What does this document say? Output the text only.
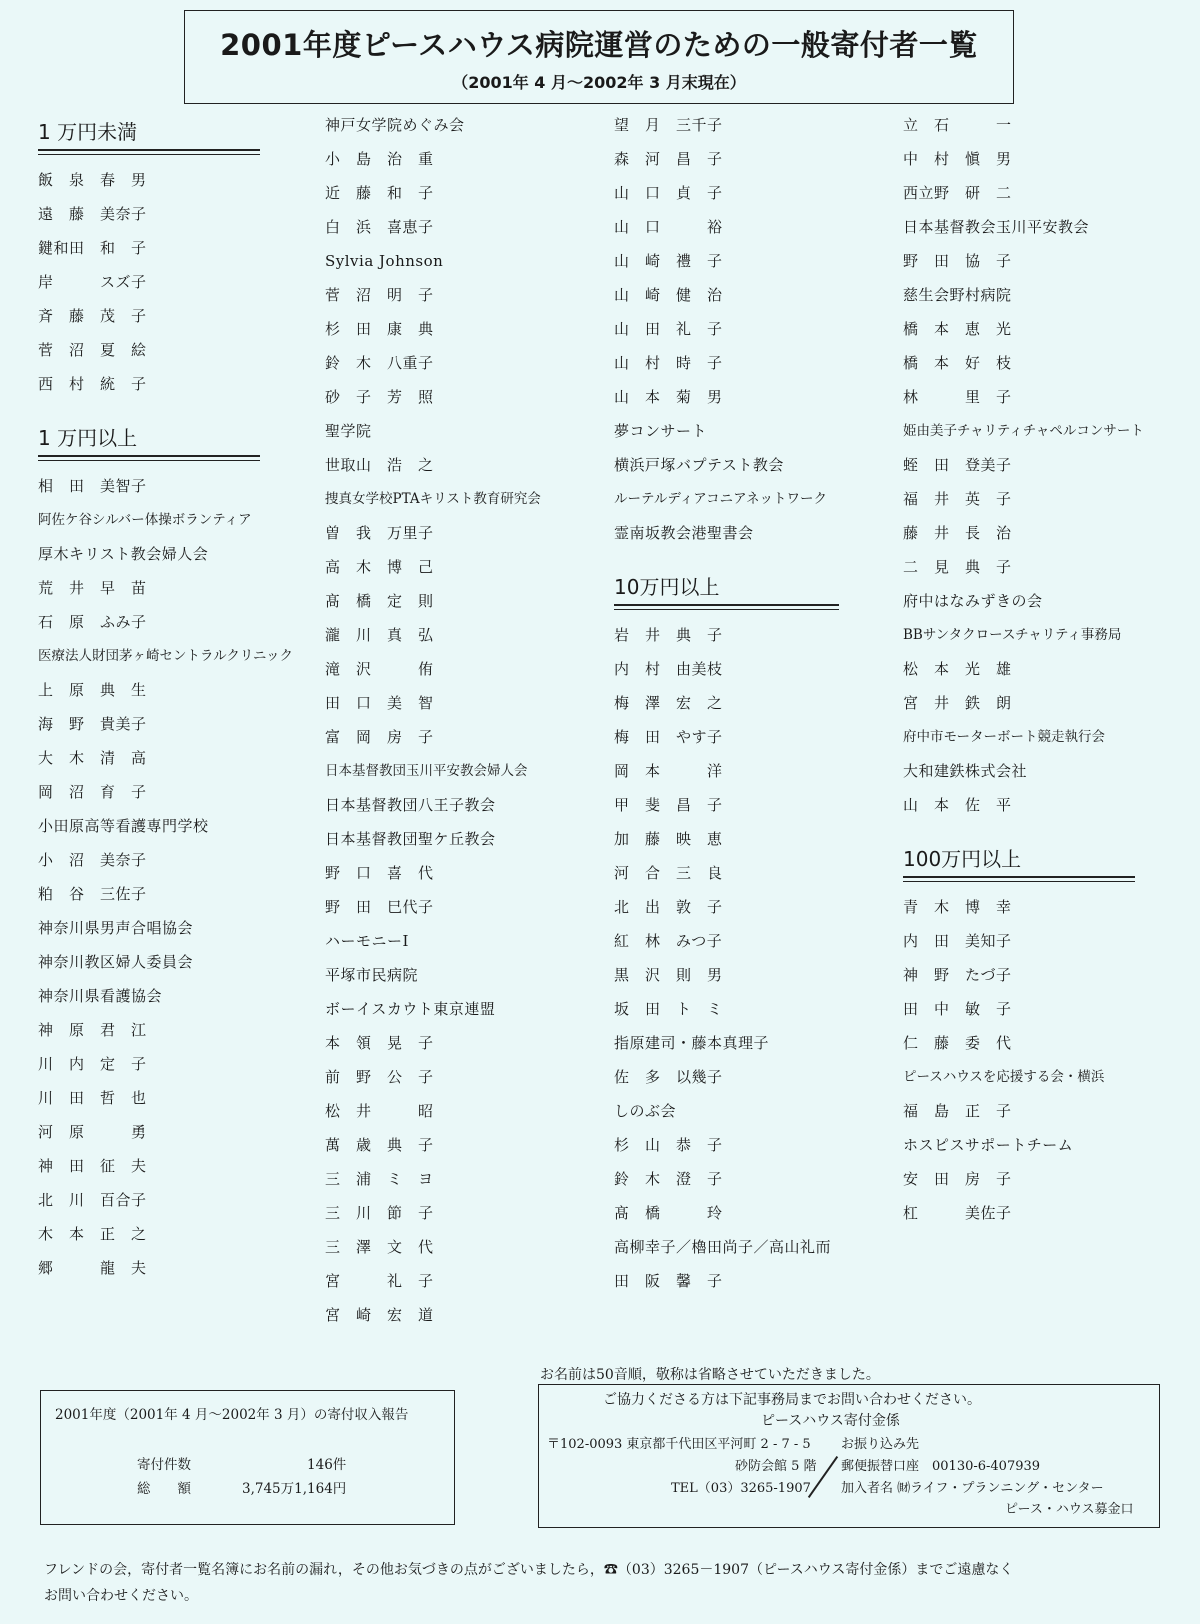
2001年度ピースハウス病院運営のための一般寄付者一覧
（2001年 4 月～2002年 3 月末現在）
1 万円未満
飯　泉　春　男
遠　藤　美奈子
鍵和田　和　子
岸　　　スズ子
斉　藤　茂　子
菅　沼　夏　絵
西　村　統　子
1 万円以上
相　田　美智子
阿佐ケ谷シルバー体操ボランティア
厚木キリスト教会婦人会
荒　井　早　苗
石　原　ふみ子
医療法人財団茅ヶ崎セントラルクリニック
上　原　典　生
海　野　貴美子
大　木　清　高
岡　沼　育　子
小田原高等看護専門学校
小　沼　美奈子
粕　谷　三佐子
神奈川県男声合唱協会
神奈川教区婦人委員会
神奈川県看護協会
神　原　君　江
川　内　定　子
川　田　哲　也
河　原　　　勇
神　田　征　夫
北　川　百合子
木　本　正　之
郷　　　龍　夫
神戸女学院めぐみ会
小　島　治　重
近　藤　和　子
白　浜　喜恵子
Sylvia Johnson
菅　沼　明　子
杉　田　康　典
鈴　木　八重子
砂　子　芳　照
聖学院
世取山　浩　之
捜真女学校PTAキリスト教育研究会
曽　我　万里子
高　木　博　己
髙　橋　定　則
瀧　川　真　弘
滝　沢　　　侑
田　口　美　智
富　岡　房　子
日本基督教団玉川平安教会婦人会
日本基督教団八王子教会
日本基督教団聖ケ丘教会
野　口　喜　代
野　田　巳代子
ハーモニーⅠ
平塚市民病院
ボーイスカウト東京連盟
本　領　晃　子
前　野　公　子
松　井　　　昭
萬　歳　典　子
三　浦　ミ　ヨ
三　川　節　子
三　澤　文　代
宮　　　礼　子
宮　崎　宏　道
望　月　三千子
森　河　昌　子
山　口　貞　子
山　口　　　裕
山　崎　禮　子
山　崎　健　治
山　田　礼　子
山　村　時　子
山　本　菊　男
夢コンサート
横浜戸塚バプテスト教会
ルーテルディアコニアネットワーク
霊南坂教会港聖書会
10万円以上
岩　井　典　子
内　村　由美枝
梅　澤　宏　之
梅　田　やす子
岡　本　　　洋
甲　斐　昌　子
加　藤　映　恵
河　合　三　良
北　出　敦　子
紅　林　みつ子
黒　沢　則　男
坂　田　ト　ミ
指原建司・藤本真理子
佐　多　以幾子
しのぶ会
杉　山　恭　子
鈴　木　澄　子
髙　橋　　　玲
高柳幸子／櫓田尚子／高山礼而
田　阪　馨　子
立　石　　　一
中　村　愼　男
西立野　研　二
日本基督教会玉川平安教会
野　田　協　子
慈生会野村病院
橋　本　恵　光
橋　本　好　枝
林　　　里　子
姫由美子チャリティチャペルコンサート
蛭　田　登美子
福　井　英　子
藤　井　長　治
二　見　典　子
府中はなみずきの会
BBサンタクロースチャリティ事務局
松　本　光　雄
宮　井　鉄　朗
府中市モーターボート競走執行会
大和建鉄株式会社
山　本　佐　平
100万円以上
青　木　博　幸
内　田　美知子
神　野　たづ子
田　中　敏　子
仁　藤　委　代
ピースハウスを応援する会・横浜
福　島　正　子
ホスピスサポートチーム
安　田　房　子
杠　　　美佐子
お名前は50音順，敬称は省略させていただきました。
2001年度（2001年 4 月～2002年 3 月）の寄付収入報告
寄付件数	146件
総　　額	3,745万1,164円
ご協力くださる方は下記事務局までお問い合わせください。
ピースハウス寄付金係
〒102-0093 東京都千代田区平河町 2 - 7 - 5
砂防会館 5 階
TEL（03）3265-1907
お振り込み先
郵便振替口座　00130-6-407939
加入者名 ㈶ライフ・プランニング・センター
ピース・ハウス募金口
フレンドの会，寄付者一覧名簿にお名前の漏れ，その他お気づきの点がございましたら，☎（03）3265－1907（ピースハウス寄付金係）までご遠慮なく
お問い合わせください。
